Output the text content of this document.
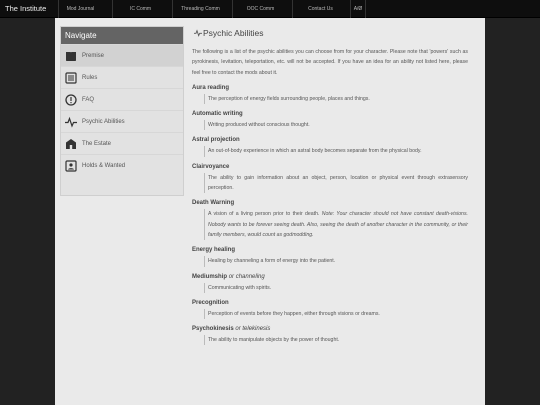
The Institute	Mod Journal	IC Comm	Threading Comm	OOC Comm	Contact Us	A/Ø
Navigate
Premise
Rules
FAQ
Psychic Abilities
The Estate
Holds & Wanted
Psychic Abilities

The following is a list of the psychic abilities you can choose from for your character. Please note that 'powers' such as pyrokinesis, levitation, teleportation, etc. will not be accepted. If you have an idea for an ability not listed here, please feel free to contact the mods about it.

Aura reading
The perception of energy fields surrounding people, places and things.
Automatic writing
Writing produced without conscious thought.
Astral projection
An out-of-body experience in which an astral body becomes separate from the physical body.
Clairvoyance
The ability to gain information about an object, person, location or physical event through extrasensory perception.
Death Warning
A vision of a living person prior to their death. Note: Your character should not have constant death-visions. Nobody wants to be forever seeing death. Also, seeing the death of another character in the community, or their family members, would count as godmodding.
Energy healing
Healing by channeling a form of energy into the patient.
Mediumship or channeling
Communicating with spirits.
Precognition
Perception of events before they happen, either through visions or dreams.
Psychokinesis or telekinesis
The ability to manipulate objects by the power of thought.
